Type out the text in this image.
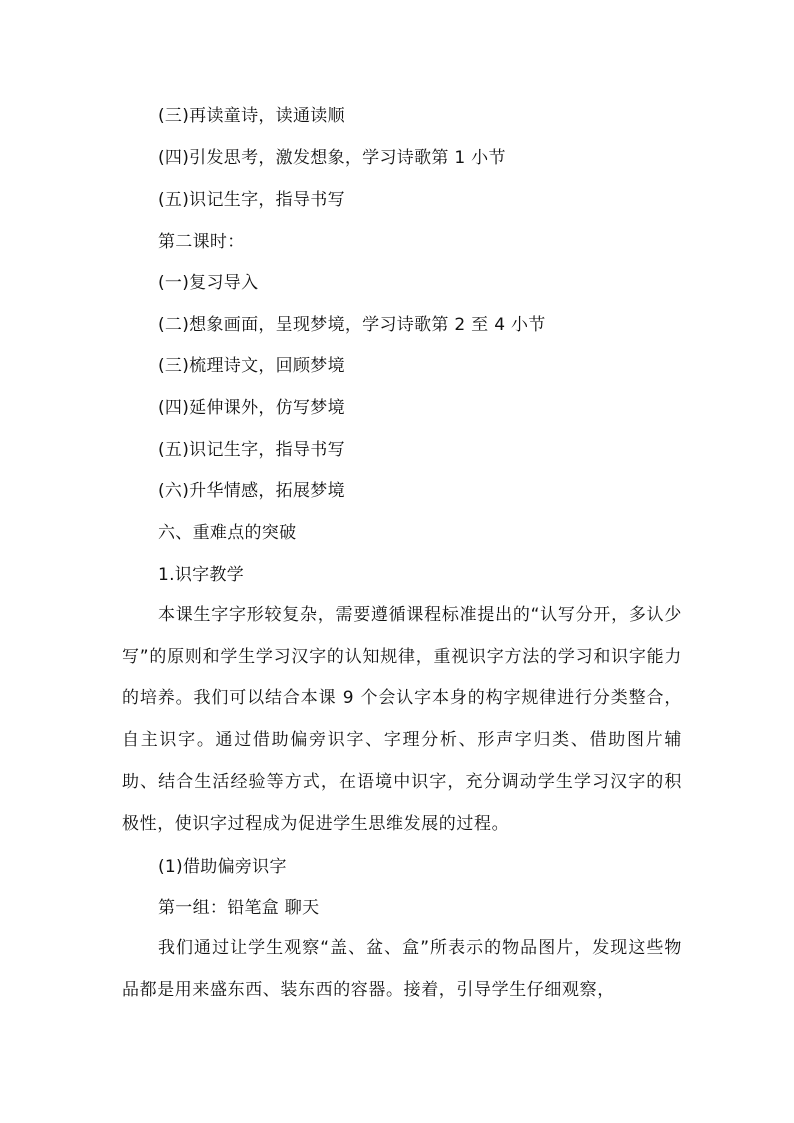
(三)再读童诗，读通读顺
(四)引发思考，激发想象，学习诗歌第 1 小节
(五)识记生字，指导书写
第二课时：
(一)复习导入
(二)想象画面，呈现梦境，学习诗歌第 2 至 4 小节
(三)梳理诗文，回顾梦境
(四)延伸课外，仿写梦境
(五)识记生字，指导书写
(六)升华情感，拓展梦境
六、重难点的突破
1.识字教学
本课生字字形较复杂，需要遵循课程标准提出的“认写分开，多认少写”的原则和学生学习汉字的认知规律，重视识字方法的学习和识字能力的培养。我们可以结合本课 9 个会认字本身的构字规律进行分类整合，自主识字。通过借助偏旁识字、字理分析、形声字归类、借助图片辅助、结合生活经验等方式，在语境中识字，充分调动学生学习汉字的积极性，使识字过程成为促进学生思维发展的过程。
(1)借助偏旁识字
第一组：铅笔盒 聊天
我们通过让学生观察“盖、盆、盒”所表示的物品图片，发现这些物品都是用来盛东西、装东西的容器。接着，引导学生仔细观察，
